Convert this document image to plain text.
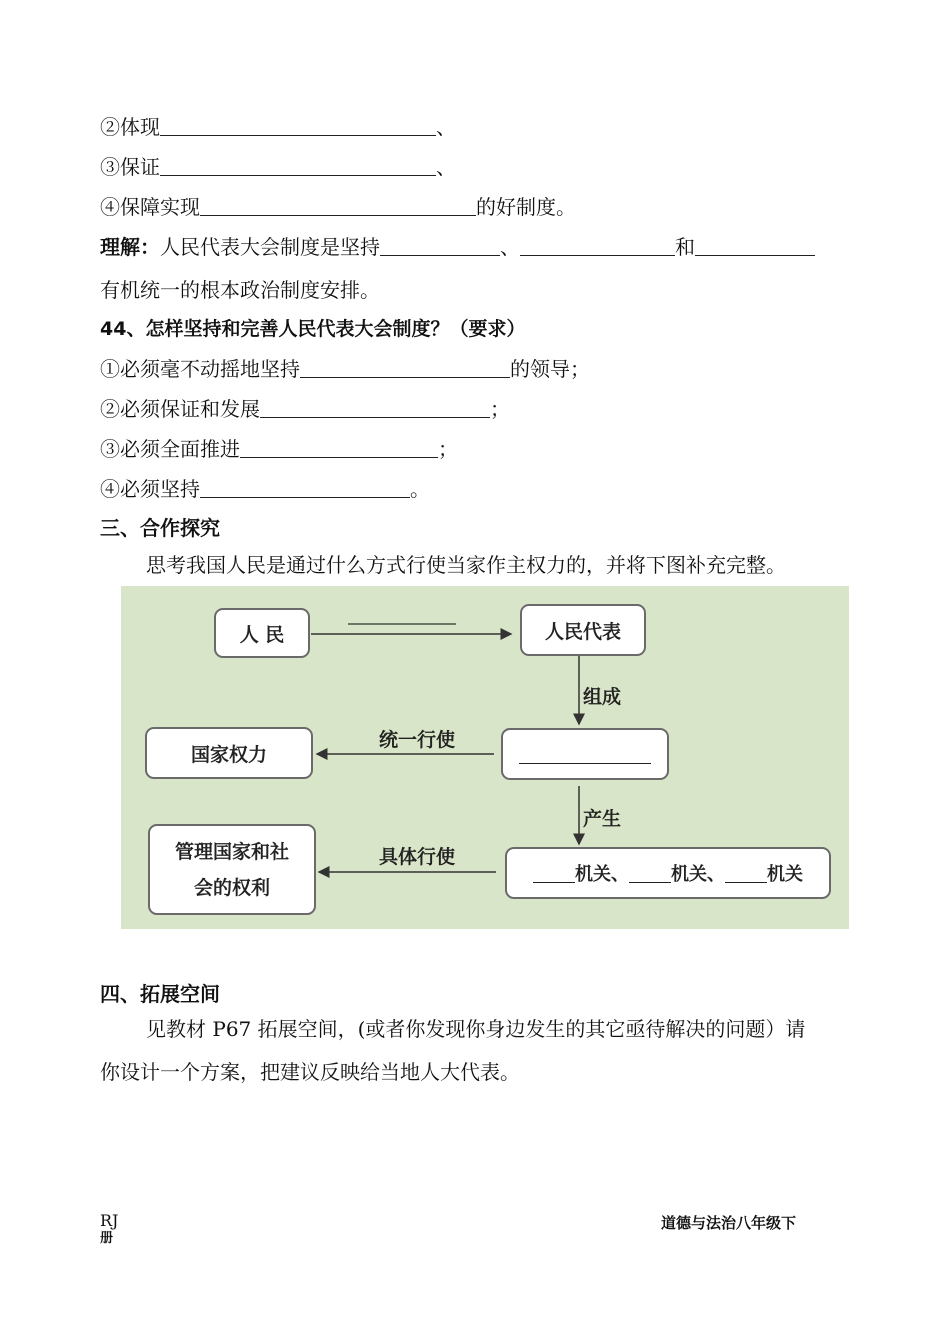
②体现	、
③保证	、
④保障实现	的好制度。
理解：人民代表大会制度是坚持	、	和
有机统一的根本政治制度安排。
44、怎样坚持和完善人民代表大会制度？（要求）
①必须毫不动摇地坚持	的领导；
②必须保证和发展	；
③必须全面推进	；
④必须坚持	。
三、合作探究
思考我国人民是通过什么方式行使当家作主权力的，并将下图补充完整。
人 民	人民代表
组成
国家权力
统一行使
产生
具体行使
管理国家和社
会的权利
机关 、 机关 、 机关
四、拓展空间
见教材 P67 拓展空间，(或者你发现你身边发生的其它亟待解决的问题）请
你设计一个方案，把建议反映给当地人大代表。
RJ
册
道德与法治八年级下
